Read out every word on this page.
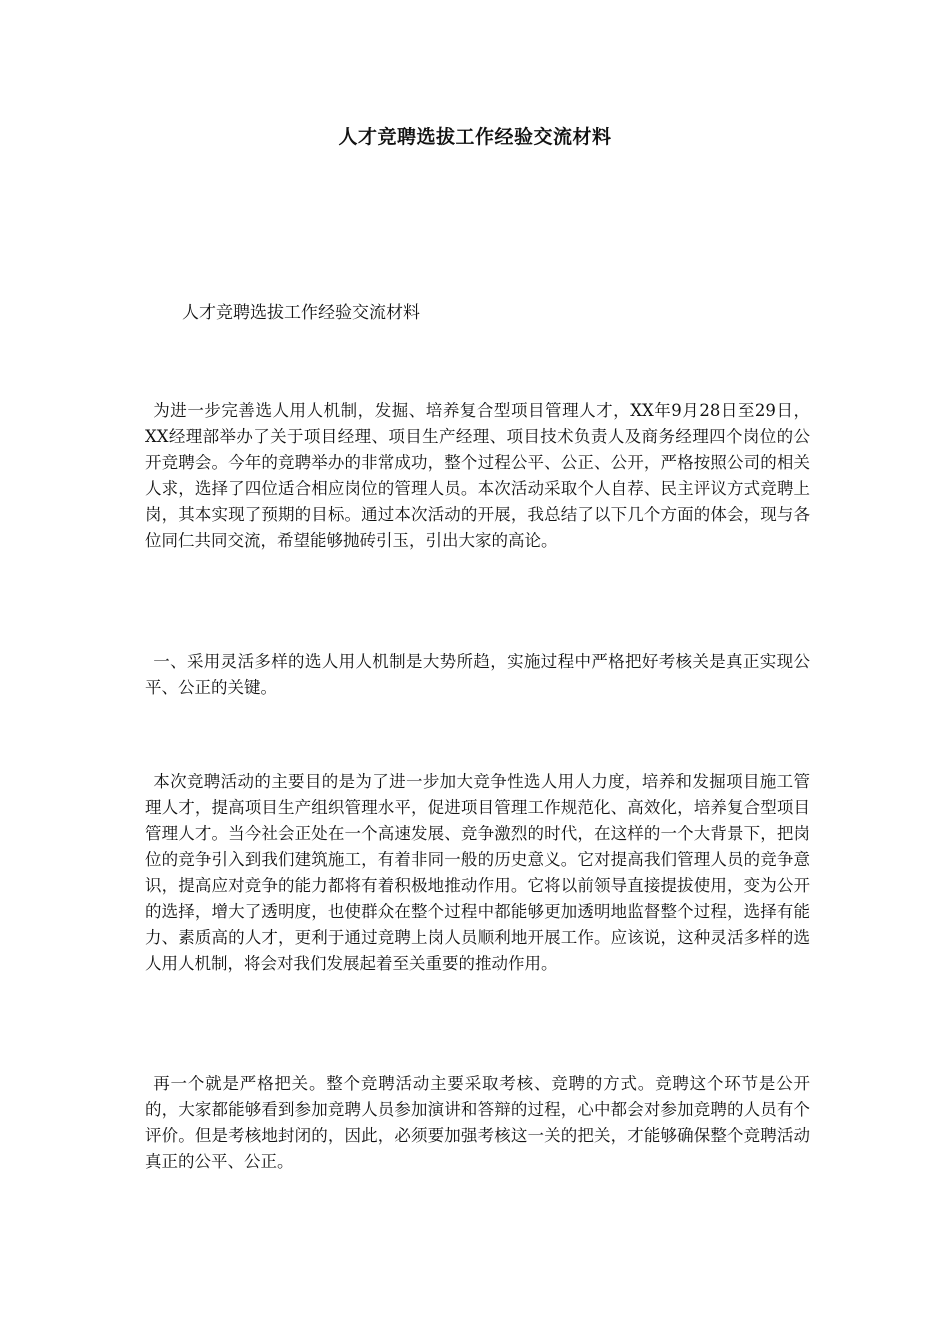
人才竞聘选拔工作经验交流材料

人才竞聘选拔工作经验交流材料

为进一步完善选人用人机制，发掘、培养复合型项目管理人才，XX年9月28日至29日，XX经理部举办了关于项目经理、项目生产经理、项目技术负责人及商务经理四个岗位的公开竞聘会。今年的竞聘举办的非常成功，整个过程公平、公正、公开，严格按照公司的相关人求，选择了四位适合相应岗位的管理人员。本次活动采取个人自荐、民主评议方式竞聘上岗，其本实现了预期的目标。通过本次活动的开展，我总结了以下几个方面的体会，现与各位同仁共同交流，希望能够抛砖引玉，引出大家的高论。

一、采用灵活多样的选人用人机制是大势所趋，实施过程中严格把好考核关是真正实现公平、公正的关键。

本次竞聘活动的主要目的是为了进一步加大竞争性选人用人力度，培养和发掘项目施工管理人才，提高项目生产组织管理水平，促进项目管理工作规范化、高效化，培养复合型项目管理人才。当今社会正处在一个高速发展、竞争激烈的时代，在这样的一个大背景下，把岗位的竞争引入到我们建筑施工，有着非同一般的历史意义。它对提高我们管理人员的竞争意识，提高应对竞争的能力都将有着积极地推动作用。它将以前领导直接提拔使用，变为公开的选择，增大了透明度，也使群众在整个过程中都能够更加透明地监督整个过程，选择有能力、素质高的人才，更利于通过竞聘上岗人员顺利地开展工作。应该说，这种灵活多样的选人用人机制，将会对我们发展起着至关重要的推动作用。

再一个就是严格把关。整个竞聘活动主要采取考核、竞聘的方式。竞聘这个环节是公开的，大家都能够看到参加竞聘人员参加演讲和答辩的过程，心中都会对参加竞聘的人员有个评价。但是考核地封闭的，因此，必须要加强考核这一关的把关，才能够确保整个竞聘活动真正的公平、公正。
